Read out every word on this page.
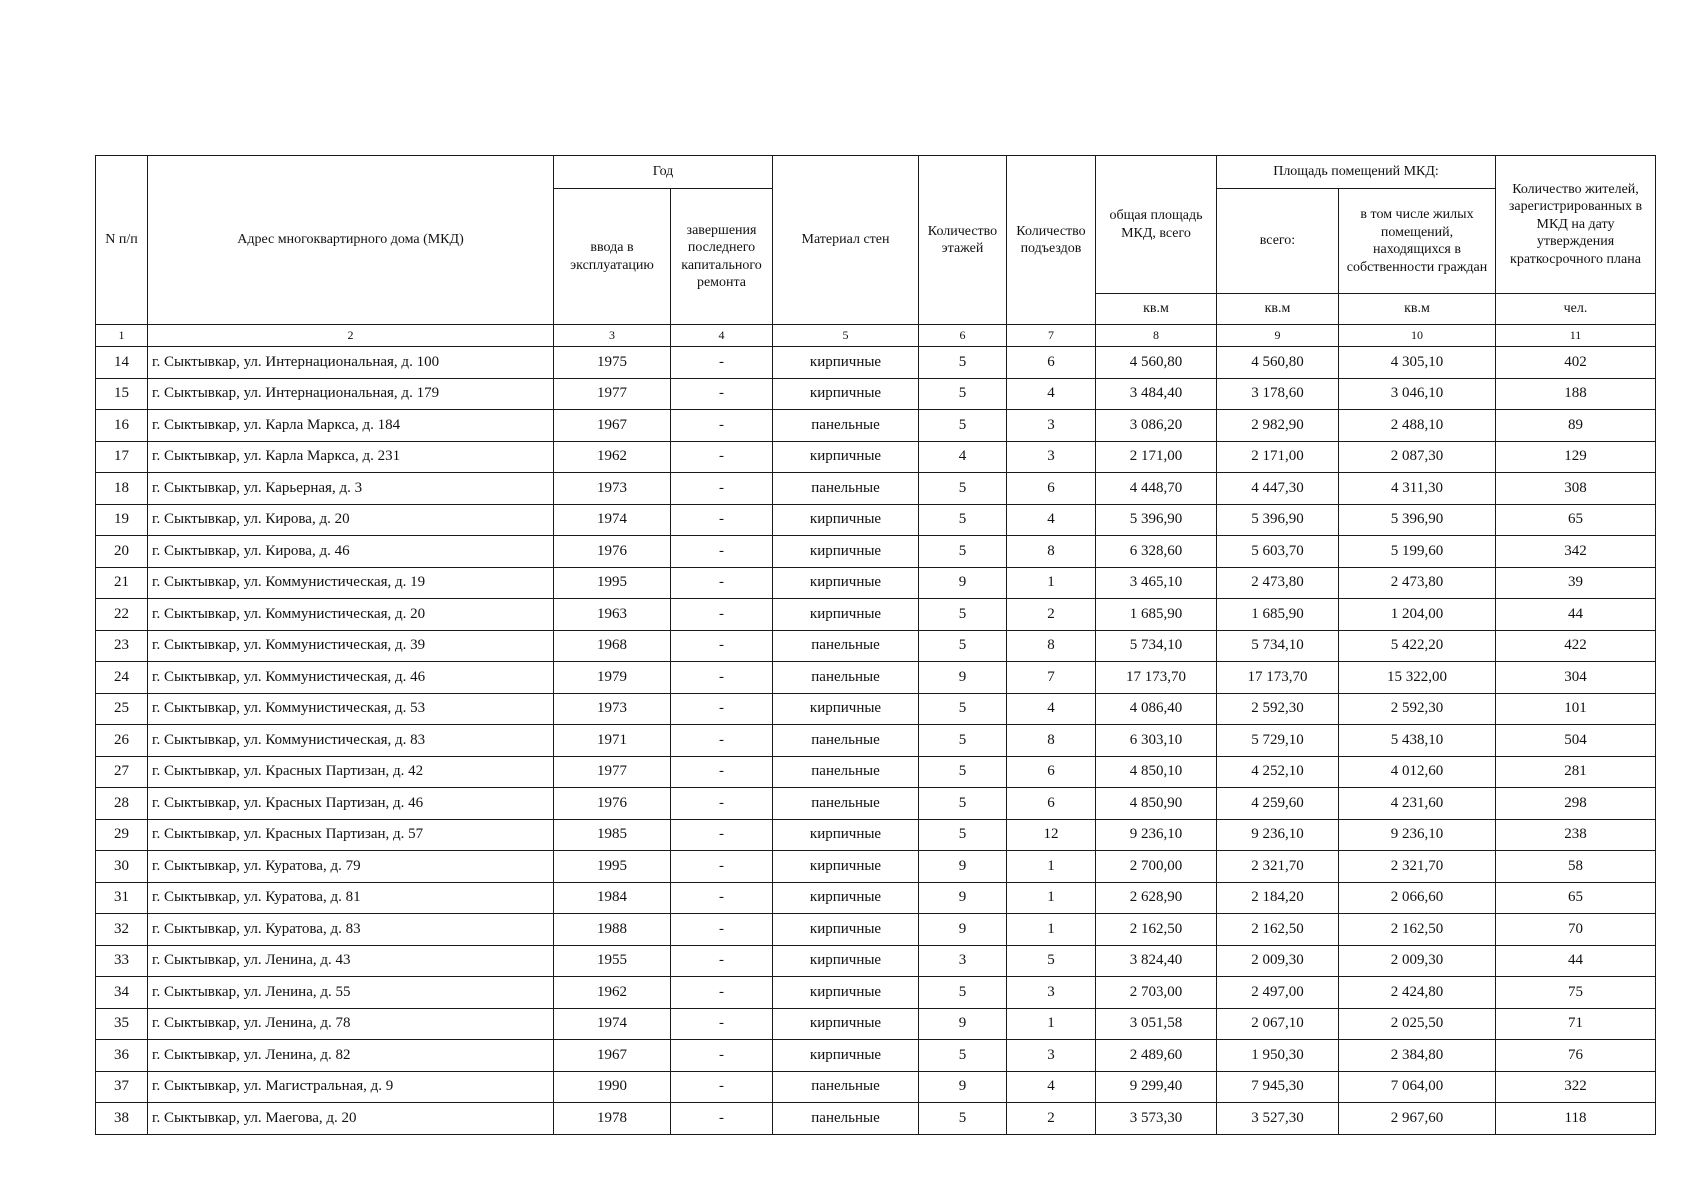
N п/п	Адрес многоквартирного дома (МКД)	Год		Материал стен	Количество этажей	Количество подъездов	общая площадь МКД, всего	Площадь помещений МКД:		Количество жителей, зарегистрированных в МКД на дату утверждения краткосрочного плана
		ввода в эксплуатацию	завершения последнего капитального ремонта					всего:	в том числе жилых помещений, находящихся в собственности граждан	
							кв.м	кв.м	кв.м	чел.
1	2	3	4	5	6	7	8	9	10	11
14	г. Сыктывкар, ул. Интернациональная, д. 100	1975	-	кирпичные	5	6	4 560,80	4 560,80	4 305,10	402
15	г. Сыктывкар, ул. Интернациональная, д. 179	1977	-	кирпичные	5	4	3 484,40	3 178,60	3 046,10	188
16	г. Сыктывкар, ул. Карла Маркса, д. 184	1967	-	панельные	5	3	3 086,20	2 982,90	2 488,10	89
17	г. Сыктывкар, ул. Карла Маркса, д. 231	1962	-	кирпичные	4	3	2 171,00	2 171,00	2 087,30	129
18	г. Сыктывкар, ул. Карьерная, д. 3	1973	-	панельные	5	6	4 448,70	4 447,30	4 311,30	308
19	г. Сыктывкар, ул. Кирова, д. 20	1974	-	кирпичные	5	4	5 396,90	5 396,90	5 396,90	65
20	г. Сыктывкар, ул. Кирова, д. 46	1976	-	кирпичные	5	8	6 328,60	5 603,70	5 199,60	342
21	г. Сыктывкар, ул. Коммунистическая, д. 19	1995	-	кирпичные	9	1	3 465,10	2 473,80	2 473,80	39
22	г. Сыктывкар, ул. Коммунистическая, д. 20	1963	-	кирпичные	5	2	1 685,90	1 685,90	1 204,00	44
23	г. Сыктывкар, ул. Коммунистическая, д. 39	1968	-	панельные	5	8	5 734,10	5 734,10	5 422,20	422
24	г. Сыктывкар, ул. Коммунистическая, д. 46	1979	-	панельные	9	7	17 173,70	17 173,70	15 322,00	304
25	г. Сыктывкар, ул. Коммунистическая, д. 53	1973	-	кирпичные	5	4	4 086,40	2 592,30	2 592,30	101
26	г. Сыктывкар, ул. Коммунистическая, д. 83	1971	-	панельные	5	8	6 303,10	5 729,10	5 438,10	504
27	г. Сыктывкар, ул. Красных Партизан, д. 42	1977	-	панельные	5	6	4 850,10	4 252,10	4 012,60	281
28	г. Сыктывкар, ул. Красных Партизан, д. 46	1976	-	панельные	5	6	4 850,90	4 259,60	4 231,60	298
29	г. Сыктывкар, ул. Красных Партизан, д. 57	1985	-	кирпичные	5	12	9 236,10	9 236,10	9 236,10	238
30	г. Сыктывкар, ул. Куратова, д. 79	1995	-	кирпичные	9	1	2 700,00	2 321,70	2 321,70	58
31	г. Сыктывкар, ул. Куратова, д. 81	1984	-	кирпичные	9	1	2 628,90	2 184,20	2 066,60	65
32	г. Сыктывкар, ул. Куратова, д. 83	1988	-	кирпичные	9	1	2 162,50	2 162,50	2 162,50	70
33	г. Сыктывкар, ул. Ленина, д. 43	1955	-	кирпичные	3	5	3 824,40	2 009,30	2 009,30	44
34	г. Сыктывкар, ул. Ленина, д. 55	1962	-	кирпичные	5	3	2 703,00	2 497,00	2 424,80	75
35	г. Сыктывкар, ул. Ленина, д. 78	1974	-	кирпичные	9	1	3 051,58	2 067,10	2 025,50	71
36	г. Сыктывкар, ул. Ленина, д. 82	1967	-	кирпичные	5	3	2 489,60	1 950,30	2 384,80	76
37	г. Сыктывкар, ул. Магистральная, д. 9	1990	-	панельные	9	4	9 299,40	7 945,30	7 064,00	322
38	г. Сыктывкар, ул. Маегова, д. 20	1978	-	панельные	5	2	3 573,30	3 527,30	2 967,60	118
